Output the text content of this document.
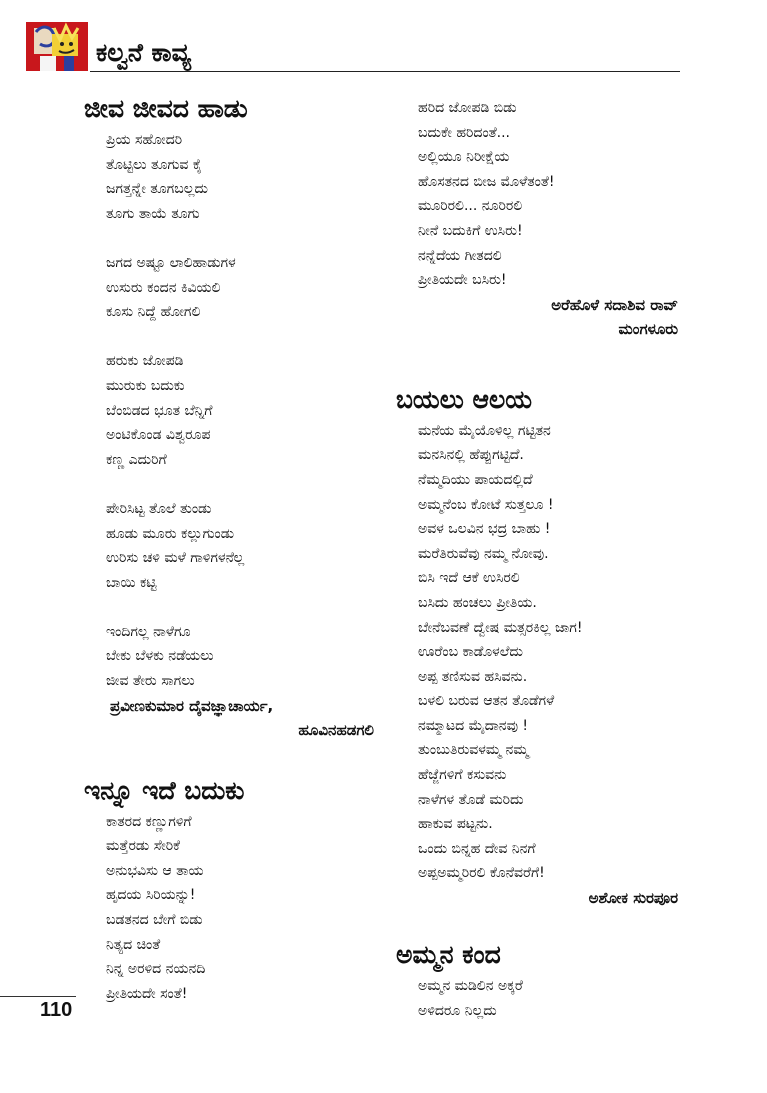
ಕಲ್ವನೆ ಕಾವ್ಯ
ಜೀವ ಜೀವದ ಹಾಡು
ಪ್ರಿಯ ಸಹೋದರಿ
ತೊಟ್ಟಿಲು ತೂಗುವ ಕೈ
ಜಗತ್ತನ್ನೇ ತೂಗಬಲ್ಲದು
ತೂಗು ತಾಯೆ ತೂಗು
ಜಗದ ಅಷ್ಟೂ ಲಾಲಿಹಾಡುಗಳ
ಉಸುರು ಕಂದನ ಕಿವಿಯಲಿ
ಕೂಸು ನಿದ್ದೆ ಹೋಗಲಿ
ಹರುಕು ಜೋಪಡಿ
ಮುರುಕು ಬದುಕು
ಬೆಂಬಿಡದ ಭೂತ ಬೆನ್ನಿಗೆ
ಅಂಟಿಕೊಂಡ ವಿಶ್ವರೂಪ
ಕಣ್ಣ ಎದುರಿಗೆ
ಪೇರಿಸಿಟ್ಟ ತೊಲೆ ತುಂಡು
ಹೂಡು ಮೂರು ಕಲ್ಲುಗುಂಡು
ಉರಿಸು ಚಳಿ ಮಳೆ ಗಾಳಿಗಳನೆಲ್ಲ
ಬಾಯಿ ಕಟ್ಟಿ
ಇಂದಿಗಲ್ಲ ನಾಳೆಗೂ
ಬೇಕು ಬೆಳಕು ನಡೆಯಲು
ಜೀವ ತೇರು ಸಾಗಲು
ಪ್ರವೀಣಕುಮಾರ ದೈವಜ್ಞಾಚಾರ್ಯ,
ಹೂವಿನಹಡಗಲಿ
ಇನ್ನೂ ಇದೆ ಬದುಕು
ಕಾತರದ ಕಣ್ಣುಗಳಿಗೆ
ಮತ್ತೆರಡು ಸೇರಿಕೆ
ಅನುಭವಿಸು ಆ ತಾಯ
ಹೃದಯ ಸಿರಿಯನ್ನು!
ಬಡತನದ ಬೇಗೆ ಬಿಡು
ನಿತ್ಯದ ಚಿಂತೆ
ನಿನ್ನ ಅರಳಿದ ನಯನದಿ
ಪ್ರೀತಿಯದೇ ಸಂತೆ!
ಹರಿದ ಜೋಪಡಿ ಬಿಡು
ಬದುಕೇ ಹರಿದಂತೆ...
ಅಲ್ಲಿಯೂ ನಿರೀಕ್ಷೆಯ
ಹೊಸತನದ ಬೀಜ ಮೊಳೆತಂತೆ!
ಮೂರಿರಲಿ... ನೂರಿರಲಿ
ನೀನೆ ಬದುಕಿಗೆ ಉಸಿರು!
ನನ್ನೆದೆಯ ಗೀತದಲಿ
ಪ್ರೀತಿಯದೇ ಬಸಿರು!
ಅರೆಹೊಳೆ ಸದಾಶಿವ ರಾವ್
ಮಂಗಳೂರು
ಬಯಲು ಆಲಯ
ಮನೆಯ ಮೈಯೊಳಿಲ್ಲ ಗಟ್ಟಿತನ
ಮನಸಿನಲ್ಲಿ ಹೆಪ್ಪುಗಟ್ಟಿದೆ.
ನೆಮ್ಮದಿಯು ಪಾಯದಲ್ಲಿದೆ
ಅಮ್ಮನೆಂಬ ಕೋಟೆ ಸುತ್ತಲೂ !
ಅವಳ ಒಲವಿನ ಭದ್ರ ಬಾಹು !
ಮರೆತಿರುವೆವು ನಮ್ಮ ನೋವು.
ಬಿಸಿ ಇದೆ ಆಕೆ ಉಸಿರಲಿ
ಬಸಿದು ಹಂಚಲು ಪ್ರೀತಿಯ.
ಬೇನೆಬವಣೆ ದ್ವೇಷ ಮತ್ಸರಕಿಲ್ಲ ಜಾಗ!
ಊರೆಂಬ ಕಾಡೊಳಲೆದು
ಅಪ್ಪ ತಣಿಸುವ ಹಸಿವನು.
ಬಳಲಿ ಬರುವ ಆತನ ತೊಡೆಗಳೆ
ನಮ್ಮಾಟದ ಮೈದಾನವು !
ತುಂಬುತಿರುವಳಮ್ಮ ನಮ್ಮ
ಹೆಜ್ಜೆಗಳಿಗೆ ಕಸುವನು
ನಾಳೆಗಳ ತೊಡೆ ಮರಿದು
ಹಾಕುವ ಪಟ್ಟನು.
ಒಂದು ಬಿನ್ನಹ ದೇವ ನಿನಗೆ
ಅಪ್ಪಅಮ್ಮರಿರಲಿ ಕೊನೆವರೆಗೆ!
ಅಶೋಕ ಸುರಪೂರ
ಅಮ್ಮನ ಕಂದ
ಅಮ್ಮನ ಮಡಿಲಿನ ಅಕ್ಕರೆ
ಅಳಿದರೂ ನಿಲ್ಲದು
110
